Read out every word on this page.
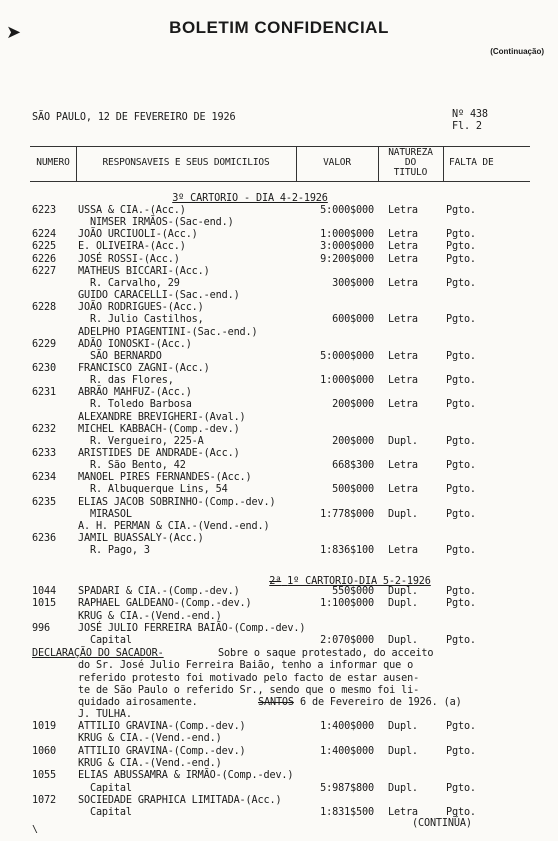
➤	BOLETIM CONFIDENCIAL
(Continuação)
SÃO PAULO, 12 DE FEVEREIRO DE 1926	Nº 438
Fl. 2
NUMERO	RESPONSAVEIS E SEUS DOMICILIOS	VALOR
NATUREZA
DO
TITULO
FALTA DE
3º CARTORIO - DIA 4-2-1926
6223 USSA & CIA.-(Acc.)	5:000$000 Letra	Pgto.
NIMSER IRMÃOS-(Sac-end.)
6224 JOÃO URCIUOLI-(Acc.)	1:000$000 Letra	Pgto.
6225 E. OLIVEIRA-(Acc.)	3:000$000 Letra	Pgto.
6226 JOSÉ ROSSI-(Acc.)	9:200$000 Letra	Pgto.
6227 MATHEUS BICCARI-(Acc.)
R. Carvalho, 29	300$000 Letra	Pgto.
GUIDO CARACELLI-(Sac.-end.)
6228 JOÃO RODRIGUES-(Acc.)
R. Julio Castilhos,	600$000 Letra	Pgto.
ADELPHO PIAGENTINI-(Sac.-end.)
6229 ADÃO IONOSKI-(Acc.)
SÃO BERNARDO	5:000$000 Letra	Pgto.
6230 FRANCISCO ZAGNI-(Acc.)
R. das Flores,	1:000$000 Letra	Pgto.
6231 ABRÃO MAHFUZ-(Acc.)
R. Toledo Barbosa	200$000 Letra	Pgto.
ALEXANDRE BREVIGHERI-(Aval.)
6232 MICHEL KABBACH-(Comp.-dev.)
R. Vergueiro, 225-A	200$000 Dupl.	Pgto.
6233 ARISTIDES DE ANDRADE-(Acc.)
R. São Bento, 42	668$300 Letra	Pgto.
6234 MANOEL PIRES FERNANDES-(Acc.)
R. Albuquerque Lins, 54	500$000 Letra	Pgto.
6235 ELIAS JACOB SOBRINHO-(Comp.-dev.)
MIRASOL	1:778$000 Dupl.	Pgto.
A. H. PERMAN & CIA.-(Vend.-end.)
6236 JAMIL BUASSALY-(Acc.)
R. Pago, 3	1:836$100 Letra	Pgto.
2ª 1º CARTORIO-DIA 5-2-1926
1044 SPADARI & CIA.-(Comp.-dev.)	550$000 Dupl.	Pgto.
1015 RAPHAEL GALDEANO-(Comp.-dev.)	1:100$000 Dupl.	Pgto.
KRUG & CIA.-(Vend.-end.)
996	JOSÉ JULIO FERREIRA BAIÃO-(Comp.-dev.)
Capital	2:070$000 Dupl.	Pgto.
DECLARAÇÃO DO SACADOR-	Sobre o saque protestado, do acceito
do Sr. José Julio Ferreira Baião, tenho a informar que o
referido protesto foi motivado pelo facto de estar ausen-
te de São Paulo o referido Sr., sendo que o mesmo foi li-
quidado airosamente.	SANTOS 6 de Fevereiro de 1926. (a)
J. TULHA.
1019 ATTILIO GRAVINA-(Comp.-dev.)	1:400$000 Dupl.	Pgto.
KRUG & CIA.-(Vend.-end.)
1060 ATTILIO GRAVINA-(Comp.-dev.)	1:400$000 Dupl.	Pgto.
KRUG & CIA.-(Vend.-end.)
1055 ELIAS ABUSSAMRA & IRMÃO-(Comp.-dev.)
Capital	5:987$800 Dupl.	Pgto.
1072 SOCIEDADE GRAPHICA LIMITADA-(Acc.)
Capital	1:831$500 Letra	Pgto.
(CONTINÚA)
\
